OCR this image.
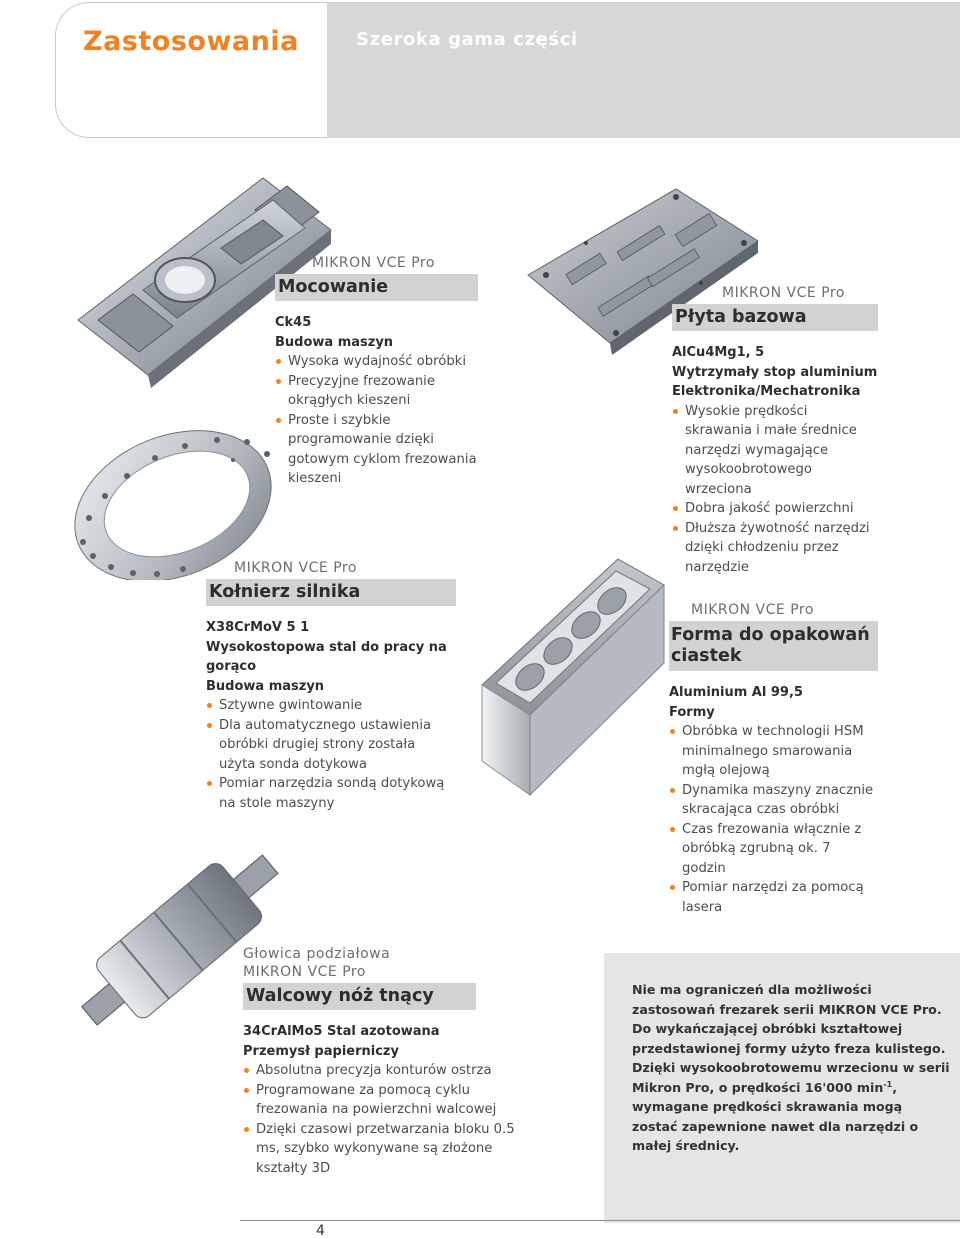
Zastosowania	Szeroka gama części

MIKRON VCE Pro

Mocowanie

Ck45

Budowa maszyn

Wysoka wydajność obróbki
Precyzyjne frezowanie okrągłych kieszeni
Proste i szybkie programowanie dzięki gotowym cyklom frezowania kieszeni

MIKRON VCE Pro

Płyta bazowa

AlCu4Mg1, 5

Wytrzymały stop aluminium

Elektronika/Mechatronika

Wysokie prędkości skrawania i małe średnice narzędzi wymagające wysokoobrotowego wrzeciona
Dobra jakość powierzchni
Dłuższa żywotność narzędzi dzięki chłodzeniu przez narzędzie

MIKRON VCE Pro

Kołnierz silnika

X38CrMoV 5 1

Wysokostopowa stal do pracy na gorąco

Budowa maszyn

Sztywne gwintowanie
Dla automatycznego ustawienia obróbki drugiej strony została użyta sonda dotykowa
Pomiar narzędzia sondą dotykową na stole maszyny

MIKRON VCE Pro

Forma do opakowań ciastek

Aluminium Al 99,5

Formy

Obróbka w technologii HSM minimalnego smarowania mgłą olejową
Dynamika maszyny znacznie skracająca czas obróbki
Czas frezowania włącznie z obróbką zgrubną ok. 7 godzin
Pomiar narzędzi za pomocą lasera

Głowica podziałowa

MIKRON VCE Pro

Walcowy nóż tnący

34CrAlMo5 Stal azotowana

Przemysł papierniczy

Absolutna precyzja konturów ostrza
Programowane za pomocą cyklu frezowania na powierzchni walcowej
Dzięki czasowi przetwarzania bloku 0.5 ms, szybko wykonywane są złożone kształty 3D

Nie ma ograniczeń dla możliwości zastosowań frezarek serii MIKRON VCE Pro. Do wykańczającej obróbki kształtowej przedstawionej formy użyto freza kulistego. Dzięki wysokoobrotowemu wrzecionu w serii Mikron Pro, o prędkości 16'000 $\min^{-1}$, wymagane prędkości skrawania mogą zostać zapewnione nawet dla narzędzi o małej średnicy.

4
